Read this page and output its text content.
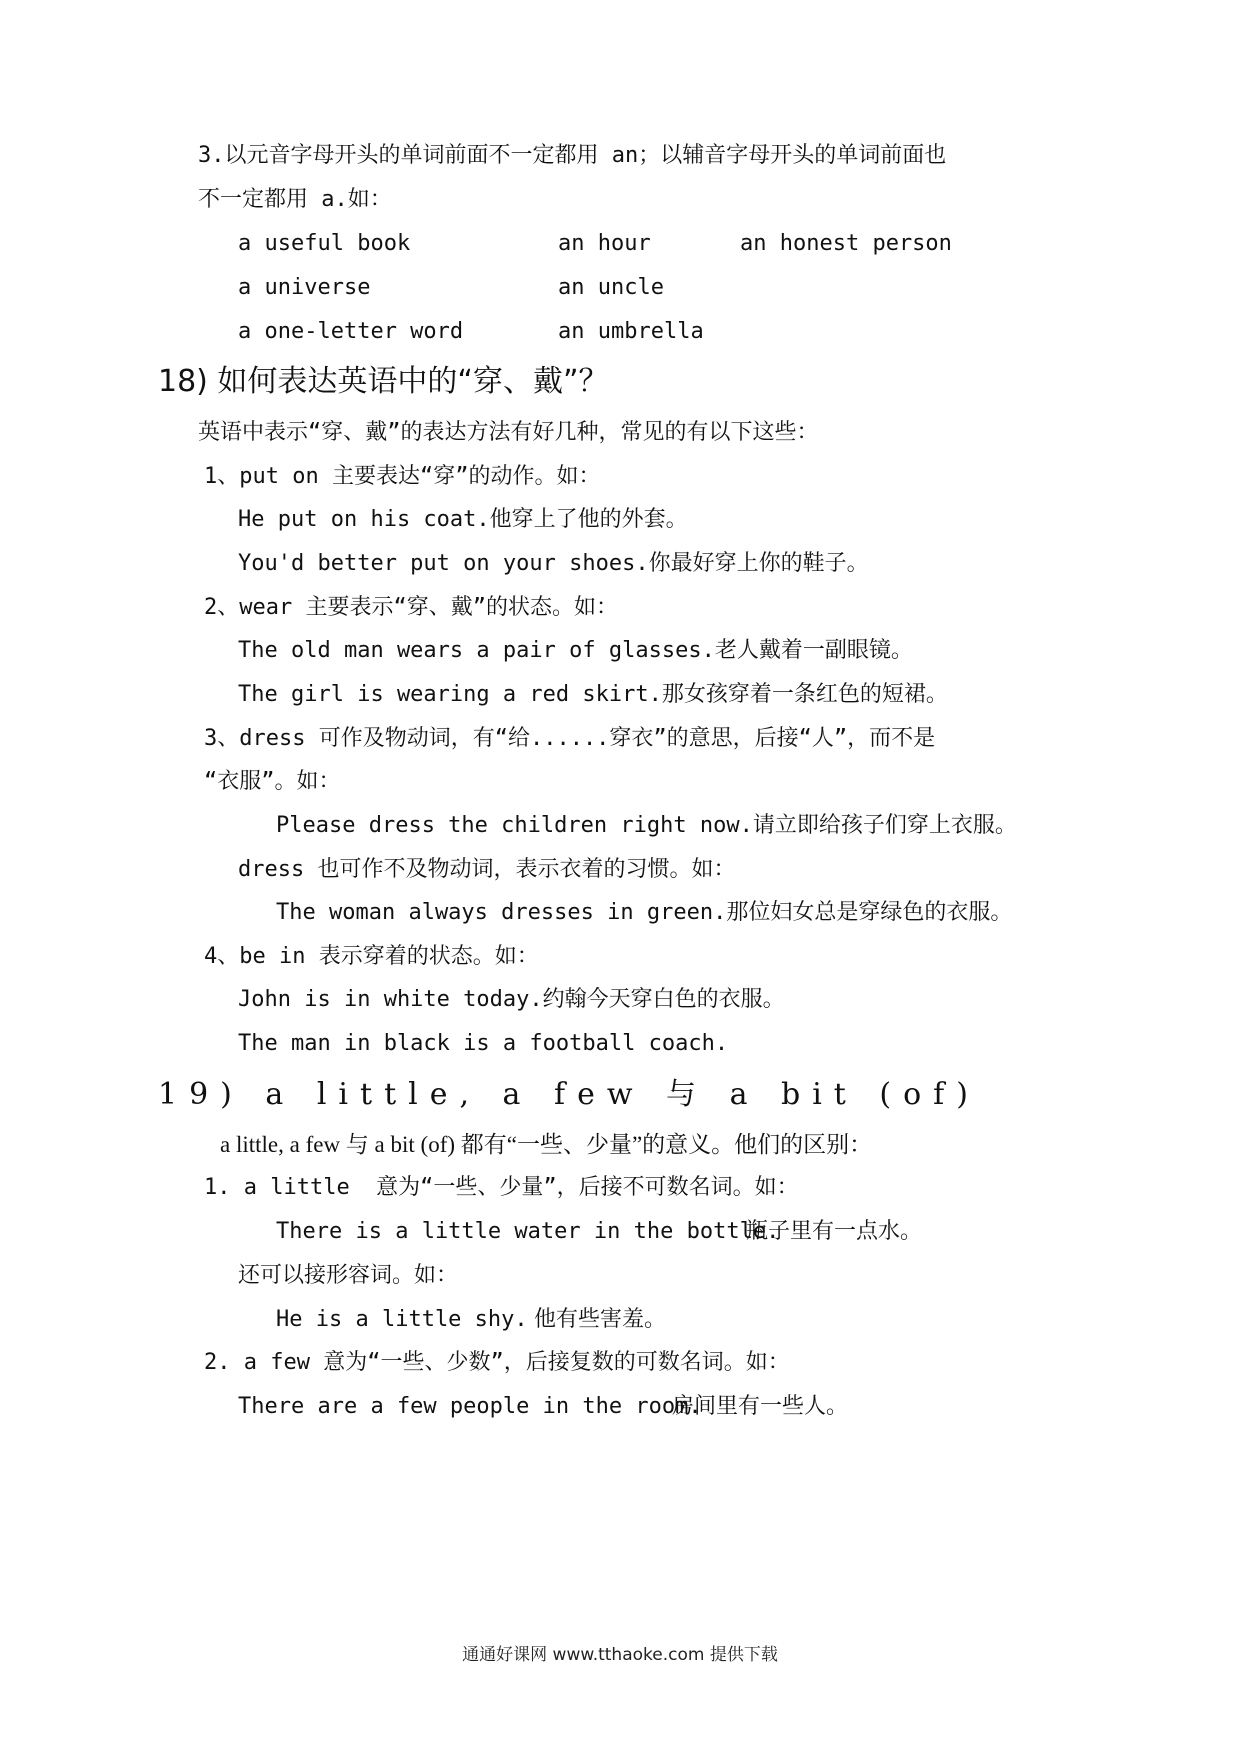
3.以元音字母开头的单词前面不一定都用 an；以辅音字母开头的单词前面也
不一定都用 a.如：
a useful book	an hour	an honest person
a universe	an uncle
a one-letter word	an umbrella
18) 如何表达英语中的“穿、戴”？
英语中表示“穿、戴”的表达方法有好几种，常见的有以下这些：
1、put on 主要表达“穿”的动作。如：
He put on his coat.他穿上了他的外套。
You'd better put on your shoes.你最好穿上你的鞋子。
2、wear 主要表示“穿、戴”的状态。如：
The old man wears a pair of glasses.老人戴着一副眼镜。
The girl is wearing a red skirt.那女孩穿着一条红色的短裙。
3、dress 可作及物动词，有“给......穿衣”的意思，后接“人”，而不是
“衣服”。如：
Please dress the children right now.请立即给孩子们穿上衣服。
dress 也可作不及物动词，表示衣着的习惯。如：
The woman always dresses in green.那位妇女总是穿绿色的衣服。
4、be in 表示穿着的状态。如：
John is in white today.约翰今天穿白色的衣服。
The man in black is a football coach.
19) a little, a few 与 a bit (of)
a little, a few 与 a bit (of) 都有“一些、少量”的意义。他们的区别：
1. a little  意为“一些、少量”，后接不可数名词。如：
There is a little water in the bottle.
瓶子里有一点水。
还可以接形容词。如：
He is a little shy. 他有些害羞。
2. a few 意为“一些、少数”，后接复数的可数名词。如：
There are a few people in the room.
房间里有一些人。
通通好课网 www.tthaoke.com 提供下载
